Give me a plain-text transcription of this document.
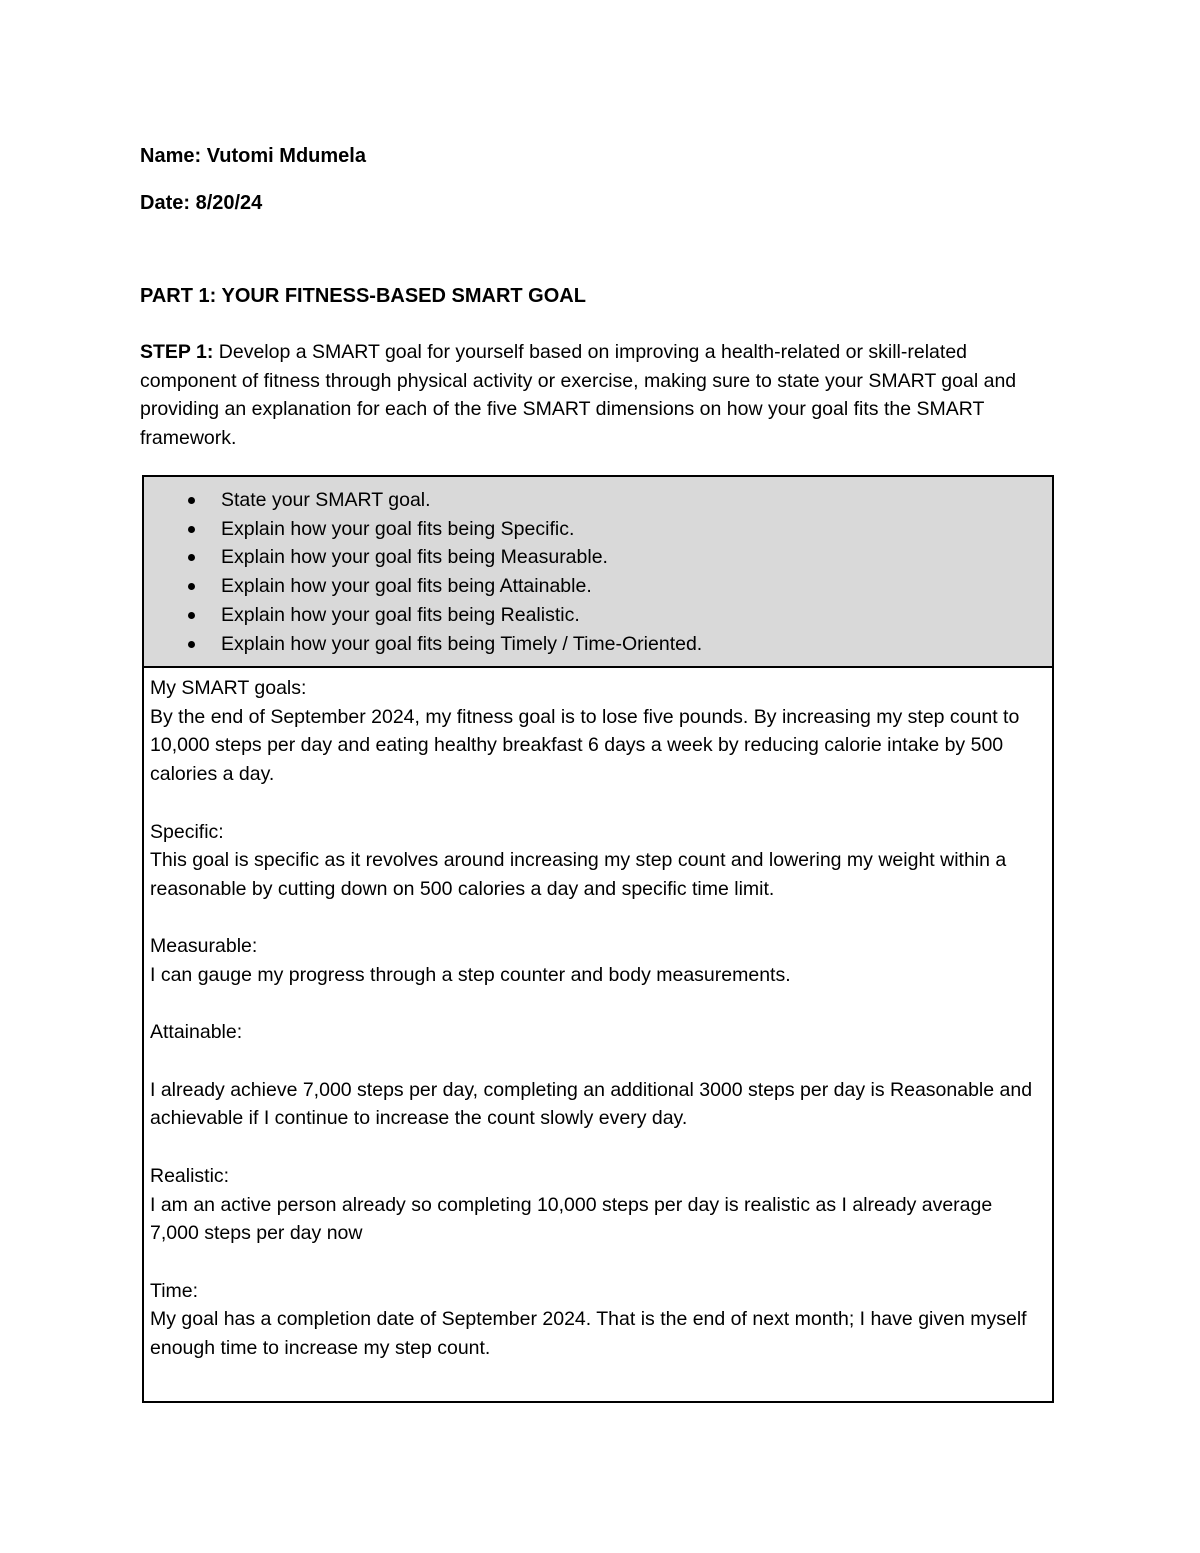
Name: Vutomi Mdumela
Date: 8/20/24
PART 1: YOUR FITNESS-BASED SMART GOAL
STEP 1: Develop a SMART goal for yourself based on improving a health-related or skill-related component of fitness through physical activity or exercise, making sure to state your SMART goal and providing an explanation for each of the five SMART dimensions on how your goal fits the SMART framework.
State your SMART goal.
Explain how your goal fits being Specific.
Explain how your goal fits being Measurable.
Explain how your goal fits being Attainable.
Explain how your goal fits being Realistic.
Explain how your goal fits being Timely / Time-Oriented.

My SMART goals:

By the end of September 2024, my fitness goal is to lose five pounds. By increasing my step count to 10,000 steps per day and eating healthy breakfast 6 days a week by reducing calorie intake by 500 calories a day.

Specific:

This goal is specific as it revolves around increasing my step count and lowering my weight within a reasonable by cutting down on 500 calories a day and specific time limit.

Measurable:

I can gauge my progress through a step counter and body measurements.

Attainable:

I already achieve 7,000 steps per day, completing an additional 3000 steps per day is Reasonable and achievable if I continue to increase the count slowly every day.

Realistic:

I am an active person already so completing 10,000 steps per day is realistic as I already average 7,000 steps per day now

Time:

My goal has a completion date of September 2024. That is the end of next month; I have given myself enough time to increase my step count.
